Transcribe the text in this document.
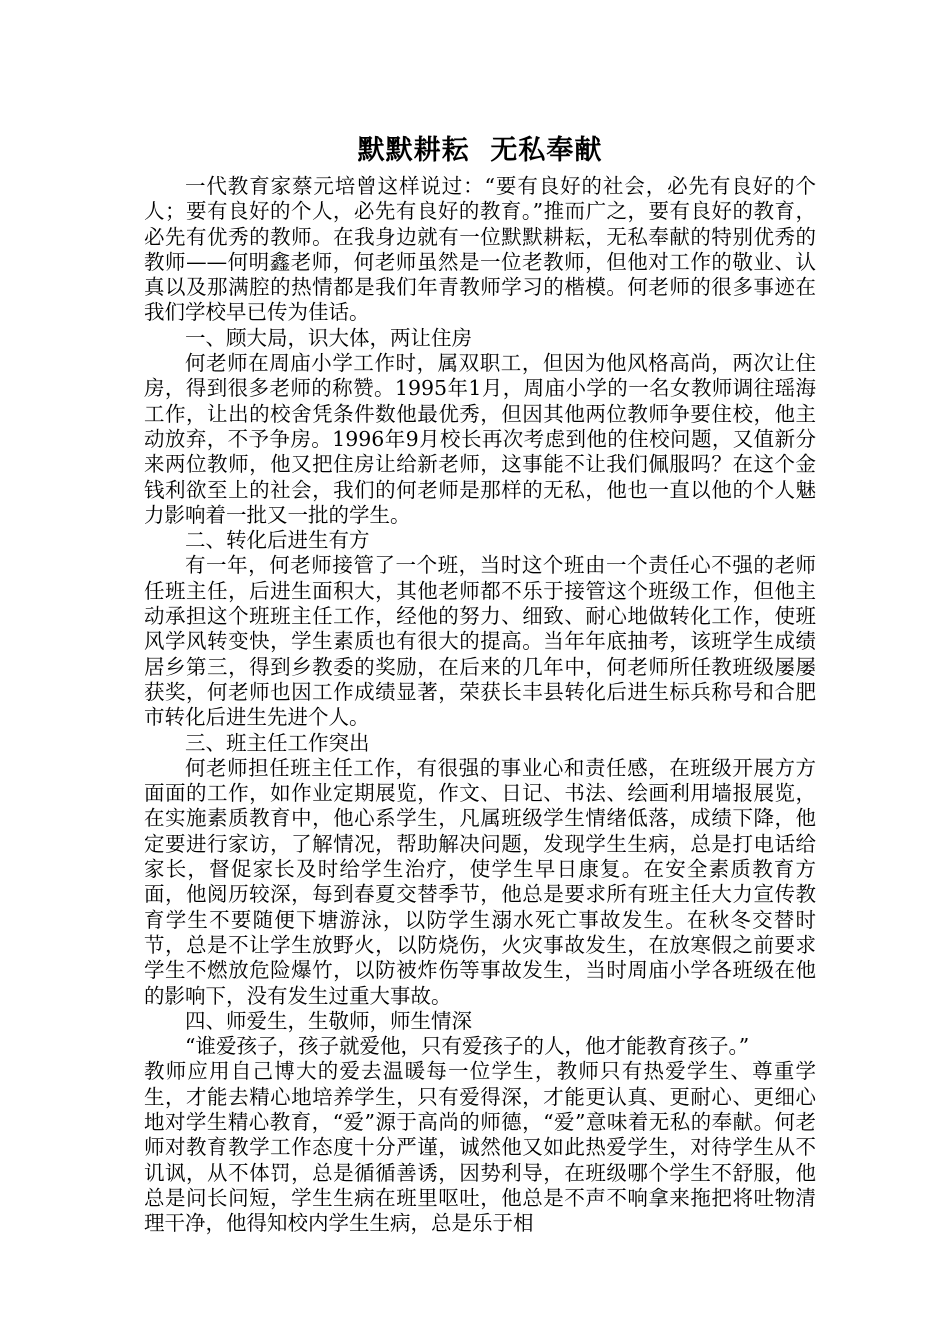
默默耕耘  无私奉献

一代教育家蔡元培曾这样说过：“要有良好的社会，必先有良好的个人；要有良好的个人，必先有良好的教育。”推而广之，要有良好的教育，必先有优秀的教师。在我身边就有一位默默耕耘，无私奉献的特别优秀的教师——何明鑫老师，何老师虽然是一位老教师，但他对工作的敬业、认真以及那满腔的热情都是我们年青教师学习的楷模。何老师的很多事迹在我们学校早已传为佳话。

一、顾大局，识大体，两让住房

何老师在周庙小学工作时，属双职工，但因为他风格高尚，两次让住房，得到很多老师的称赞。1995年1月，周庙小学的一名女教师调往瑶海工作，让出的校舍凭条件数他最优秀，但因其他两位教师争要住校，他主动放弃，不予争房。1996年9月校长再次考虑到他的住校问题，又值新分来两位教师，他又把住房让给新老师，这事能不让我们佩服吗？在这个金钱利欲至上的社会，我们的何老师是那样的无私，他也一直以他的个人魅力影响着一批又一批的学生。

二、转化后进生有方

有一年，何老师接管了一个班，当时这个班由一个责任心不强的老师任班主任，后进生面积大，其他老师都不乐于接管这个班级工作，但他主动承担这个班班主任工作，经他的努力、细致、耐心地做转化工作，使班风学风转变快，学生素质也有很大的提高。当年年底抽考，该班学生成绩居乡第三，得到乡教委的奖励，在后来的几年中，何老师所任教班级屡屡获奖，何老师也因工作成绩显著，荣获长丰县转化后进生标兵称号和合肥市转化后进生先进个人。

三、班主任工作突出

何老师担任班主任工作，有很强的事业心和责任感，在班级开展方方面面的工作，如作业定期展览，作文、日记、书法、绘画利用墙报展览，在实施素质教育中，他心系学生，凡属班级学生情绪低落，成绩下降，他定要进行家访，了解情况，帮助解决问题，发现学生生病，总是打电话给家长，督促家长及时给学生治疗，使学生早日康复。在安全素质教育方面，他阅历较深，每到春夏交替季节，他总是要求所有班主任大力宣传教育学生不要随便下塘游泳，以防学生溺水死亡事故发生。在秋冬交替时节，总是不让学生放野火，以防烧伤，火灾事故发生，在放寒假之前要求学生不燃放危险爆竹，以防被炸伤等事故发生，当时周庙小学各班级在他的影响下，没有发生过重大事故。

四、师爱生，生敬师，师生情深

“谁爱孩子，孩子就爱他，只有爱孩子的人，他才能教育孩子。”

教师应用自己博大的爱去温暖每一位学生，教师只有热爱学生、尊重学生，才能去精心地培养学生，只有爱得深，才能更认真、更耐心、更细心地对学生精心教育，“爱”源于高尚的师德，“爱”意味着无私的奉献。何老师对教育教学工作态度十分严谨，诚然他又如此热爱学生，对待学生从不讥讽，从不体罚，总是循循善诱，因势利导，在班级哪个学生不舒服，他总是问长问短，学生生病在班里呕吐，他总是不声不响拿来拖把将吐物清理干净，他得知校内学生生病，总是乐于相
